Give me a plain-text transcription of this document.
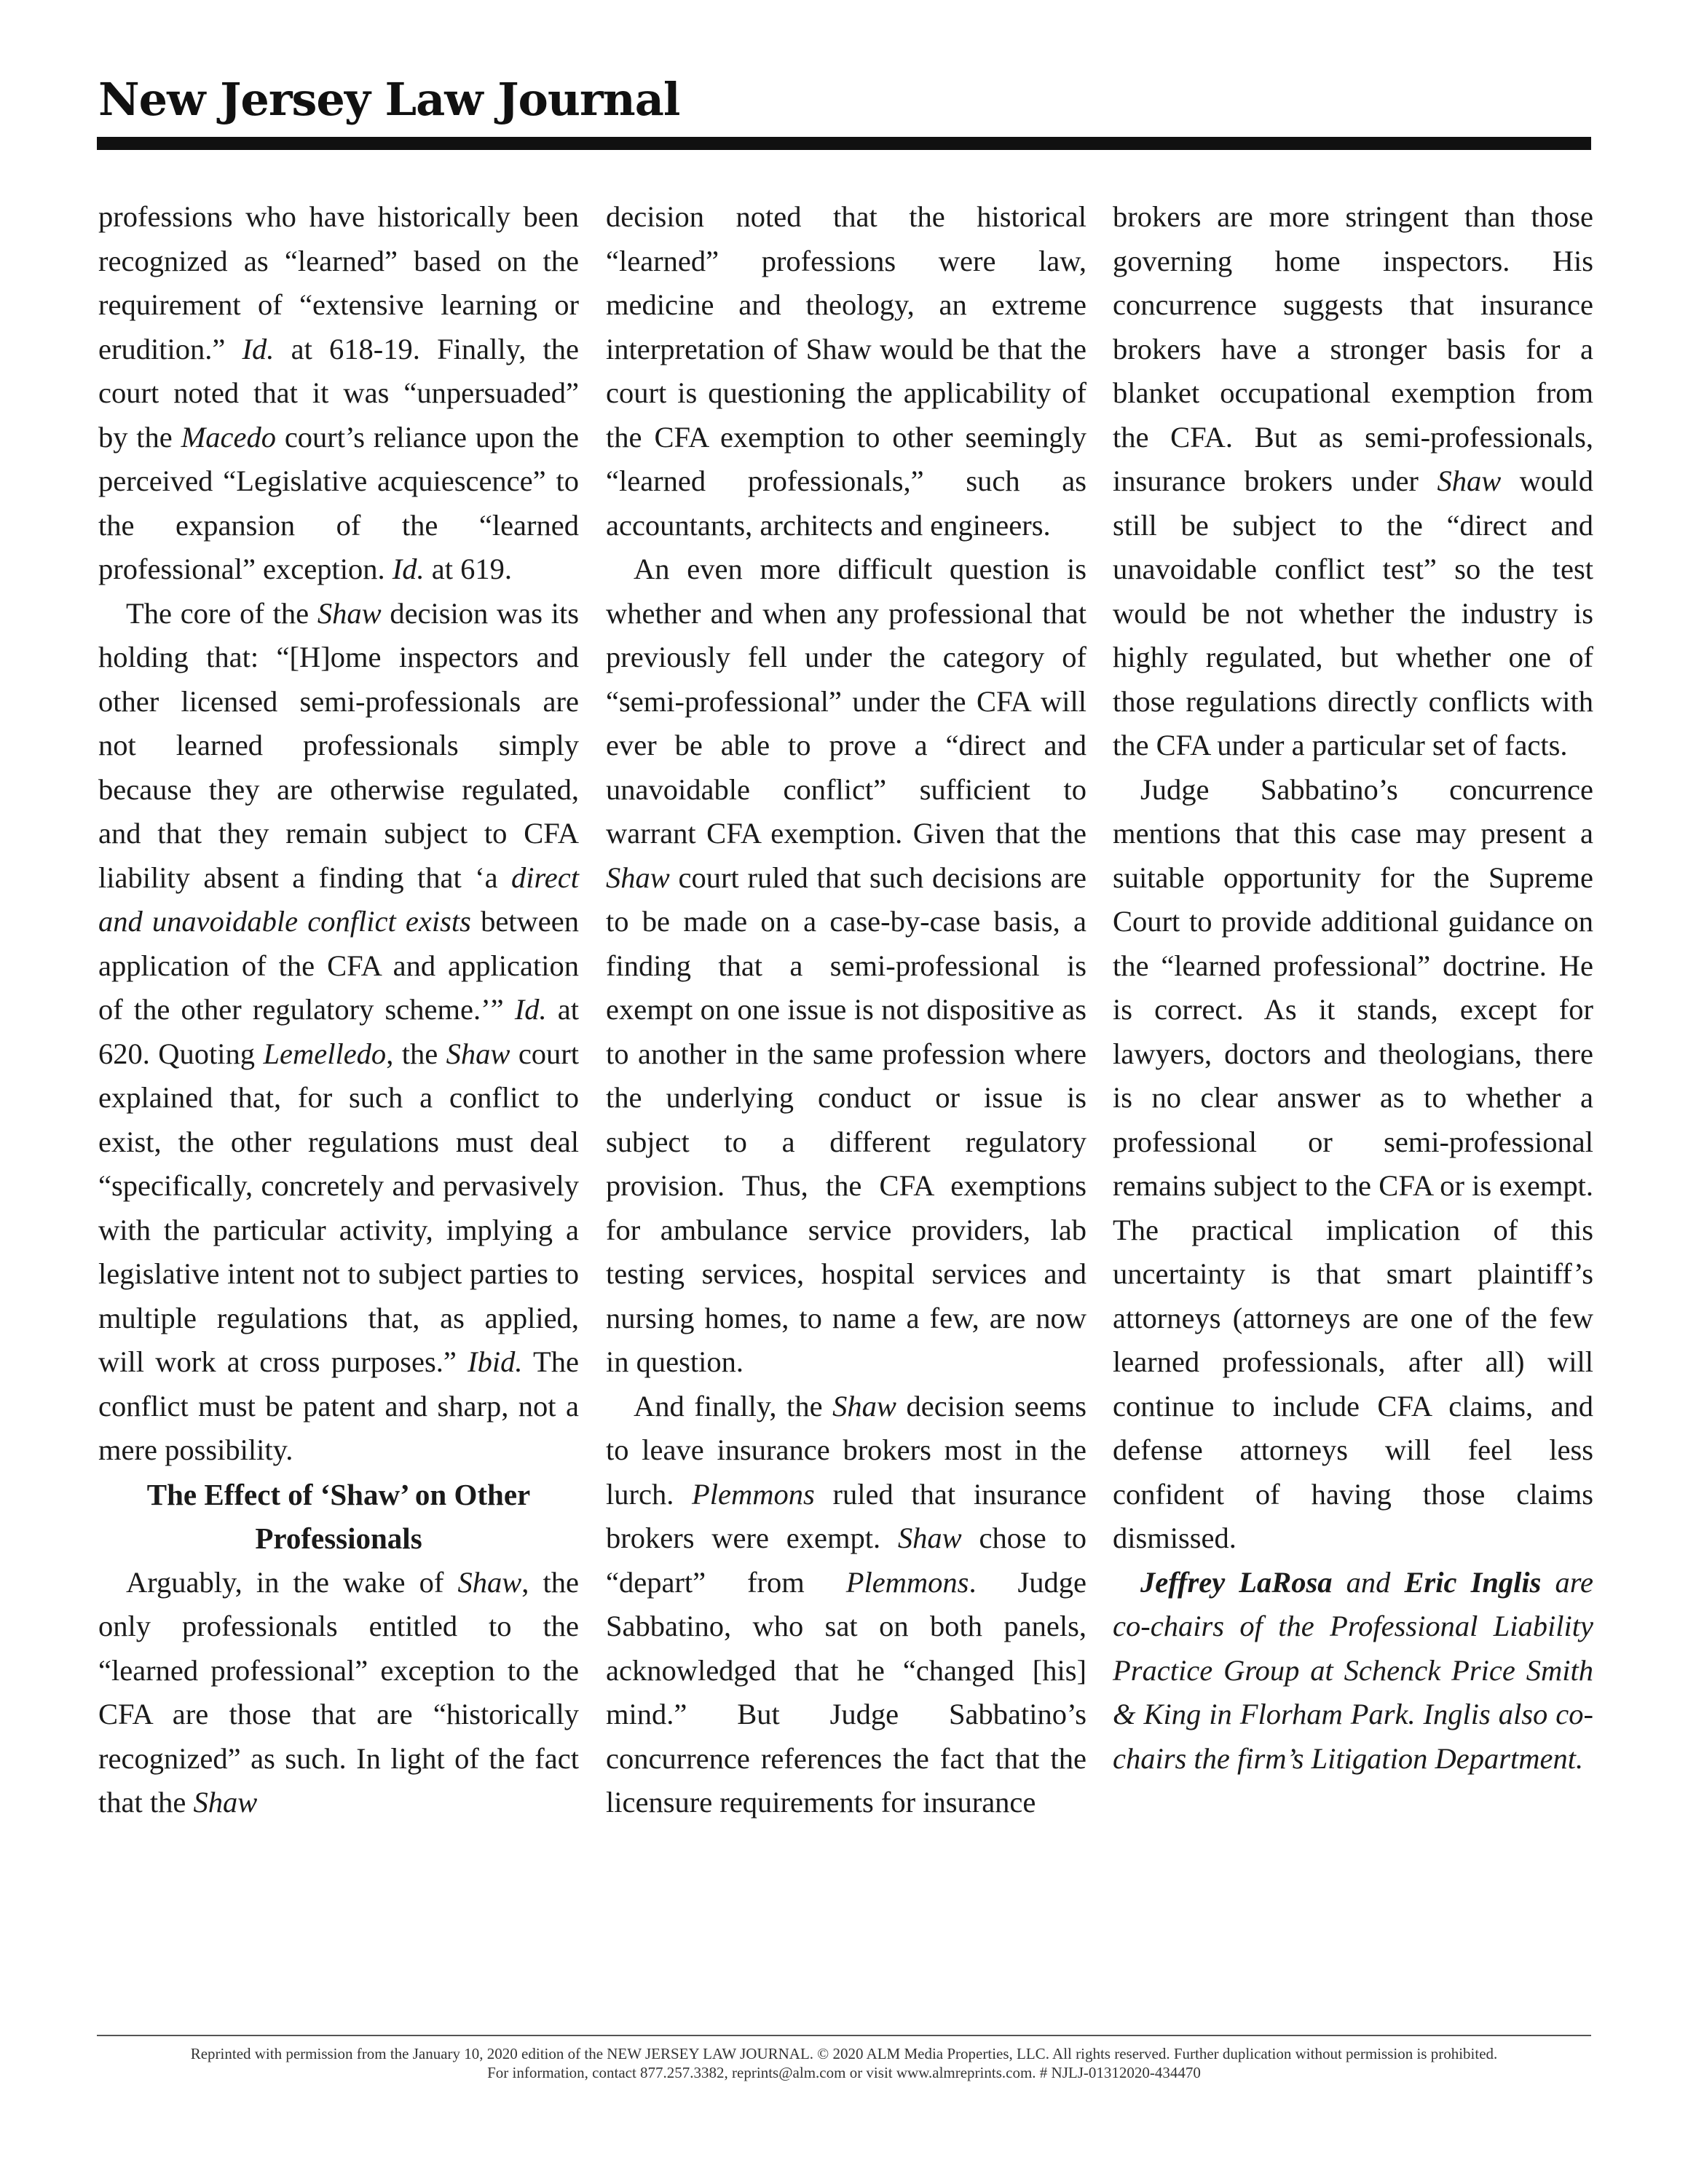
New Jersey Law Journal

professions who have historically been recognized as “learned” based on the requirement of “extensive learning or erudition.” Id. at 618-19. Finally, the court noted that it was “unpersuaded” by the Macedo court’s reliance upon the perceived “Legislative acquiescence” to the expansion of the “learned professional” exception. Id. at 619.

The core of the Shaw decision was its holding that: “[H]ome inspectors and other licensed semi-professionals are not learned professionals simply because they are otherwise regulated, and that they remain subject to CFA liability absent a finding that ‘a direct and unavoidable conflict exists between application of the CFA and application of the other regulatory scheme.’” Id. at 620. Quoting Lemelledo, the Shaw court explained that, for such a conflict to exist, the other regulations must deal “specifically, concretely and pervasively with the particular activity, implying a legislative intent not to subject parties to multiple regulations that, as applied, will work at cross purposes.” Ibid. The conflict must be patent and sharp, not a mere possibility.

The Effect of ‘Shaw’ on Other Professionals

Arguably, in the wake of Shaw, the only professionals entitled to the “learned professional” exception to the CFA are those that are “historically recognized” as such. In light of the fact that the Shaw

decision noted that the historical “learned” professions were law, medicine and theology, an extreme interpretation of Shaw would be that the court is questioning the applicability of the CFA exemption to other seemingly “learned professionals,” such as accountants, architects and engineers.

An even more difficult question is whether and when any professional that previously fell under the category of “semi-professional” under the CFA will ever be able to prove a “direct and unavoidable conflict” sufficient to warrant CFA exemption. Given that the Shaw court ruled that such decisions are to be made on a case-by-case basis, a finding that a semi-professional is exempt on one issue is not dispositive as to another in the same profession where the underlying conduct or issue is subject to a different regulatory provision. Thus, the CFA exemptions for ambulance service providers, lab testing services, hospital services and nursing homes, to name a few, are now in question.

And finally, the Shaw decision seems to leave insurance brokers most in the lurch. Plemmons ruled that insurance brokers were exempt. Shaw chose to “depart” from Plemmons. Judge Sabbatino, who sat on both panels, acknowledged that he “changed [his] mind.” But Judge Sabbatino’s concurrence references the fact that the licensure requirements for insurance

brokers are more stringent than those governing home inspectors. His concurrence suggests that insurance brokers have a stronger basis for a blanket occupational exemption from the CFA. But as semi-professionals, insurance brokers under Shaw would still be subject to the “direct and unavoidable conflict test” so the test would be not whether the industry is highly regulated, but whether one of those regulations directly conflicts with the CFA under a particular set of facts.

Judge Sabbatino’s concurrence mentions that this case may present a suitable opportunity for the Supreme Court to provide additional guidance on the “learned professional” doctrine. He is correct. As it stands, except for lawyers, doctors and theologians, there is no clear answer as to whether a professional or semi-professional remains subject to the CFA or is exempt. The practical implication of this uncertainty is that smart plaintiff’s attorneys (attorneys are one of the few learned professionals, after all) will continue to include CFA claims, and defense attorneys will feel less confident of having those claims dismissed.

Jeffrey LaRosa and Eric Inglis are co-chairs of the Professional Liability Practice Group at Schenck Price Smith & King in Florham Park. Inglis also co-chairs the firm’s Litigation Department.

Reprinted with permission from the January 10, 2020 edition of the NEW JERSEY LAW JOURNAL. © 2020 ALM Media Properties, LLC. All rights reserved. Further duplication without permission is prohibited.
For information, contact 877.257.3382, reprints@alm.com or visit www.almreprints.com. # NJLJ-01312020-434470
